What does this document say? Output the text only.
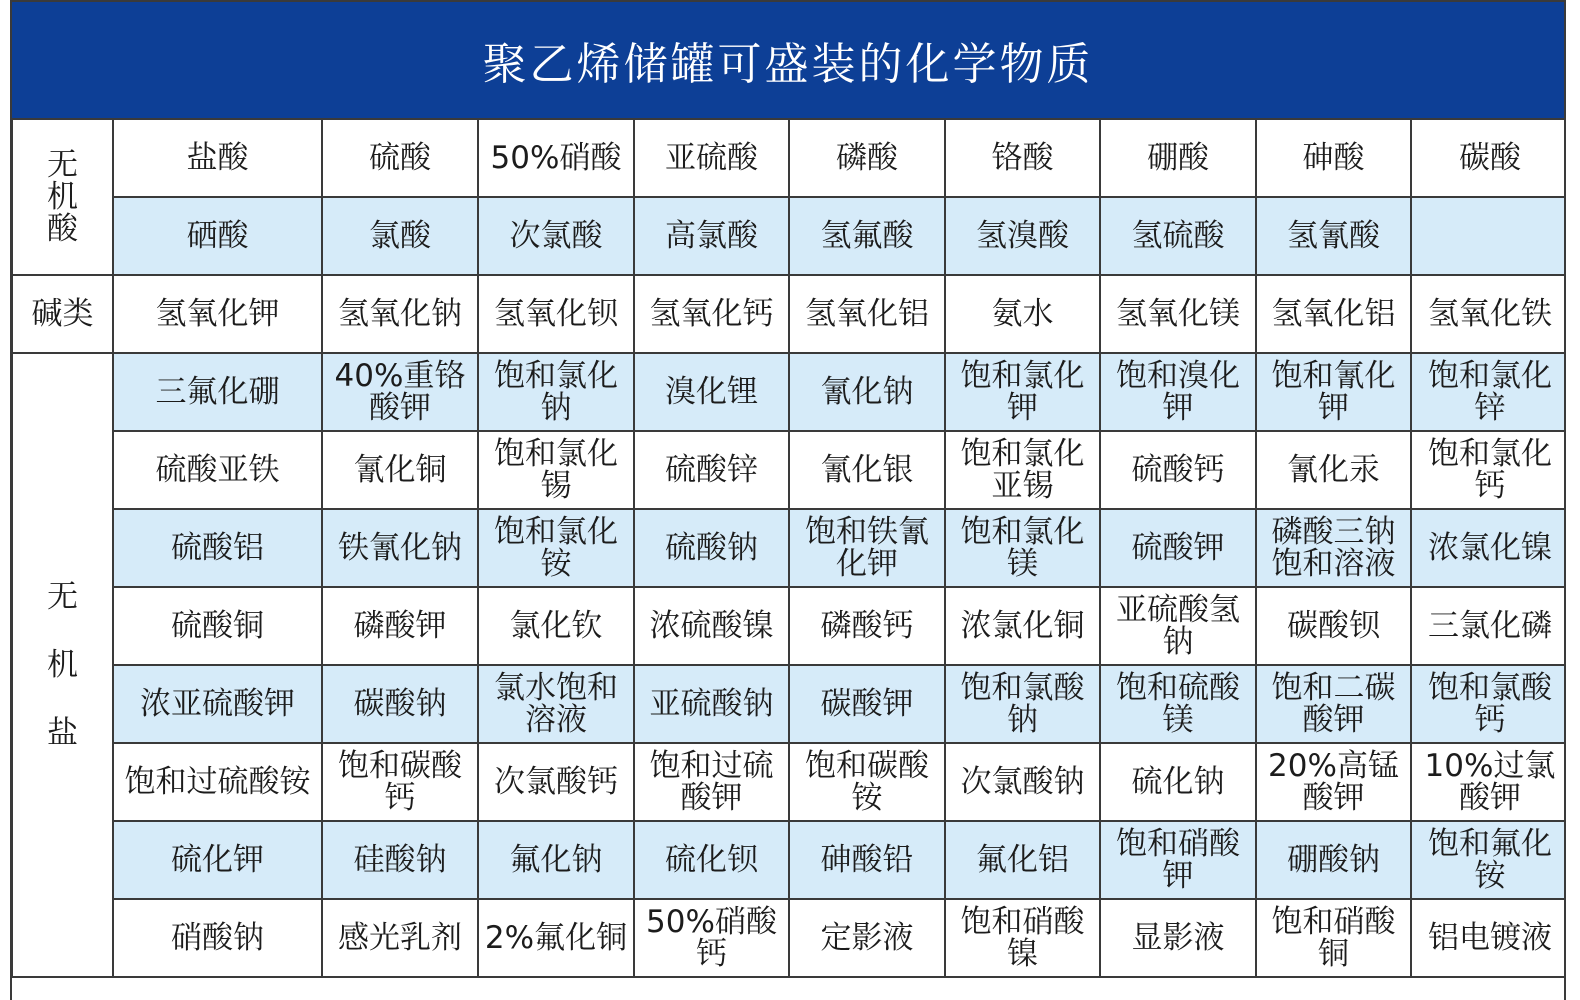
聚乙烯储罐可盛装的化学物质
无机酸	盐酸	硫酸	50%硝酸	亚硫酸	磷酸	铬酸	硼酸	砷酸	碳酸
	硒酸	氯酸	次氯酸	高氯酸	氢氟酸	氢溴酸	氢硫酸	氢氰酸	
碱类	氢氧化钾	氢氧化钠	氢氧化钡	氢氧化钙	氢氧化铝	氨水	氢氧化镁	氢氧化铝	氢氧化铁
无机盐	三氟化硼	40%重铬酸钾	饱和氯化钠	溴化锂	氰化钠	饱和氯化钾	饱和溴化钾	饱和氰化钾	饱和氯化锌
	硫酸亚铁	氰化铜	饱和氯化锡	硫酸锌	氰化银	饱和氯化亚锡	硫酸钙	氰化汞	饱和氯化钙
	硫酸铝	铁氰化钠	饱和氯化铵	硫酸钠	饱和铁氰化钾	饱和氯化镁	硫酸钾	磷酸三钠饱和溶液	浓氯化镍
	硫酸铜	磷酸钾	氯化钦	浓硫酸镍	磷酸钙	浓氯化铜	亚硫酸氢钠	碳酸钡	三氯化磷
	浓亚硫酸钾	碳酸钠	氯水饱和溶液	亚硫酸钠	碳酸钾	饱和氯酸钠	饱和硫酸镁	饱和二碳酸钾	饱和氯酸钙
	饱和过硫酸铵	饱和碳酸钙	次氯酸钙	饱和过硫酸钾	饱和碳酸铵	次氯酸钠	硫化钠	20%高锰酸钾	10%过氯酸钾
	硫化钾	硅酸钠	氟化钠	硫化钡	砷酸铅	氟化铝	饱和硝酸钾	硼酸钠	饱和氟化铵
	硝酸钠	感光乳剂	2%氟化铜	50%硝酸钙	定影液	饱和硝酸镍	显影液	饱和硝酸铜	铝电镀液
